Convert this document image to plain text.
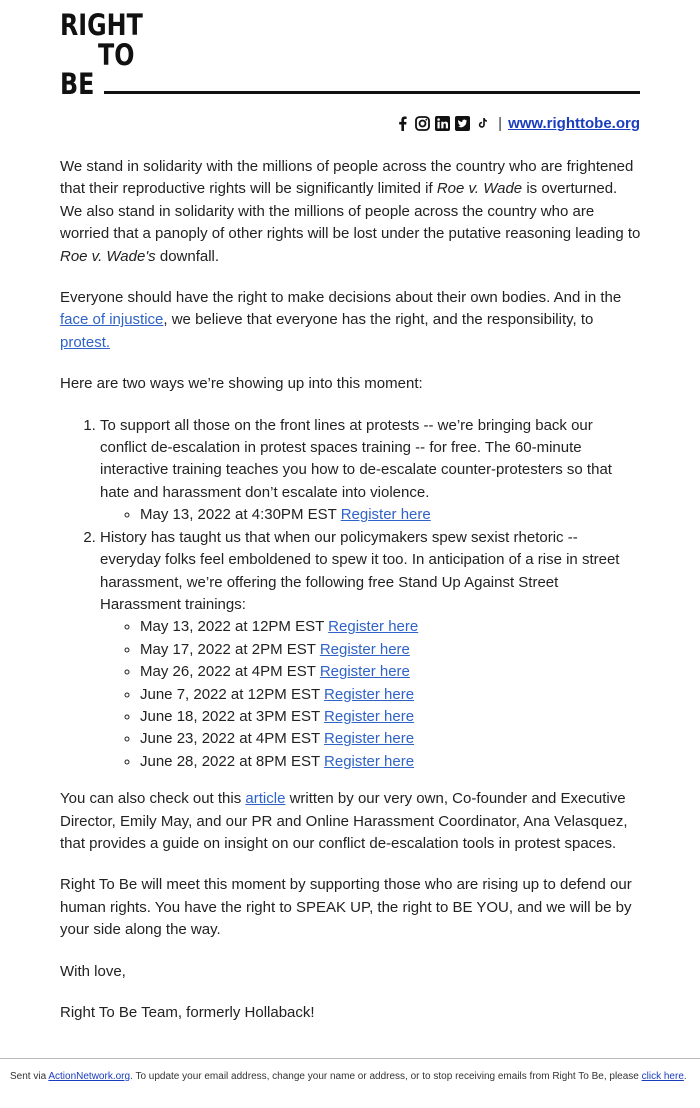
RIGHT
TO
BE
| www.righttobe.org

We stand in solidarity with the millions of people across the country who are frightened that their reproductive rights will be significantly limited if Roe v. Wade is overturned. We also stand in solidarity with the millions of people across the country who are worried that a panoply of other rights will be lost under the putative reasoning leading to Roe v. Wade's downfall.

Everyone should have the right to make decisions about their own bodies. And in the face of injustice, we believe that everyone has the right, and the responsibility, to protest.

Here are two ways we’re showing up into this moment:

1. To support all those on the front lines at protests -- we’re bringing back our conflict de-escalation in protest spaces training -- for free. The 60-minute interactive training teaches you how to de-escalate counter-protesters so that hate and harassment don’t escalate into violence.
◦ May 13, 2022 at 4:30PM EST Register here
2. History has taught us that when our policymakers spew sexist rhetoric -- everyday folks feel emboldened to spew it too. In anticipation of a rise in street harassment, we’re offering the following free Stand Up Against Street Harassment trainings:
◦ May 13, 2022 at 12PM EST Register here
◦ May 17, 2022 at 2PM EST Register here
◦ May 26, 2022 at 4PM EST Register here
◦ June 7, 2022 at 12PM EST Register here
◦ June 18, 2022 at 3PM EST Register here
◦ June 23, 2022 at 4PM EST Register here
◦ June 28, 2022 at 8PM EST Register here

You can also check out this article written by our very own, Co-founder and Executive Director, Emily May, and our PR and Online Harassment Coordinator, Ana Velasquez, that provides a guide on insight on our conflict de-escalation tools in protest spaces.

Right To Be will meet this moment by supporting those who are rising up to defend our human rights. You have the right to SPEAK UP, the right to BE YOU, and we will be by your side along the way.

With love,

Right To Be Team, formerly Hollaback!

Sent via ActionNetwork.org. To update your email address, change your name or address, or to stop receiving emails from Right To Be, please click here.
